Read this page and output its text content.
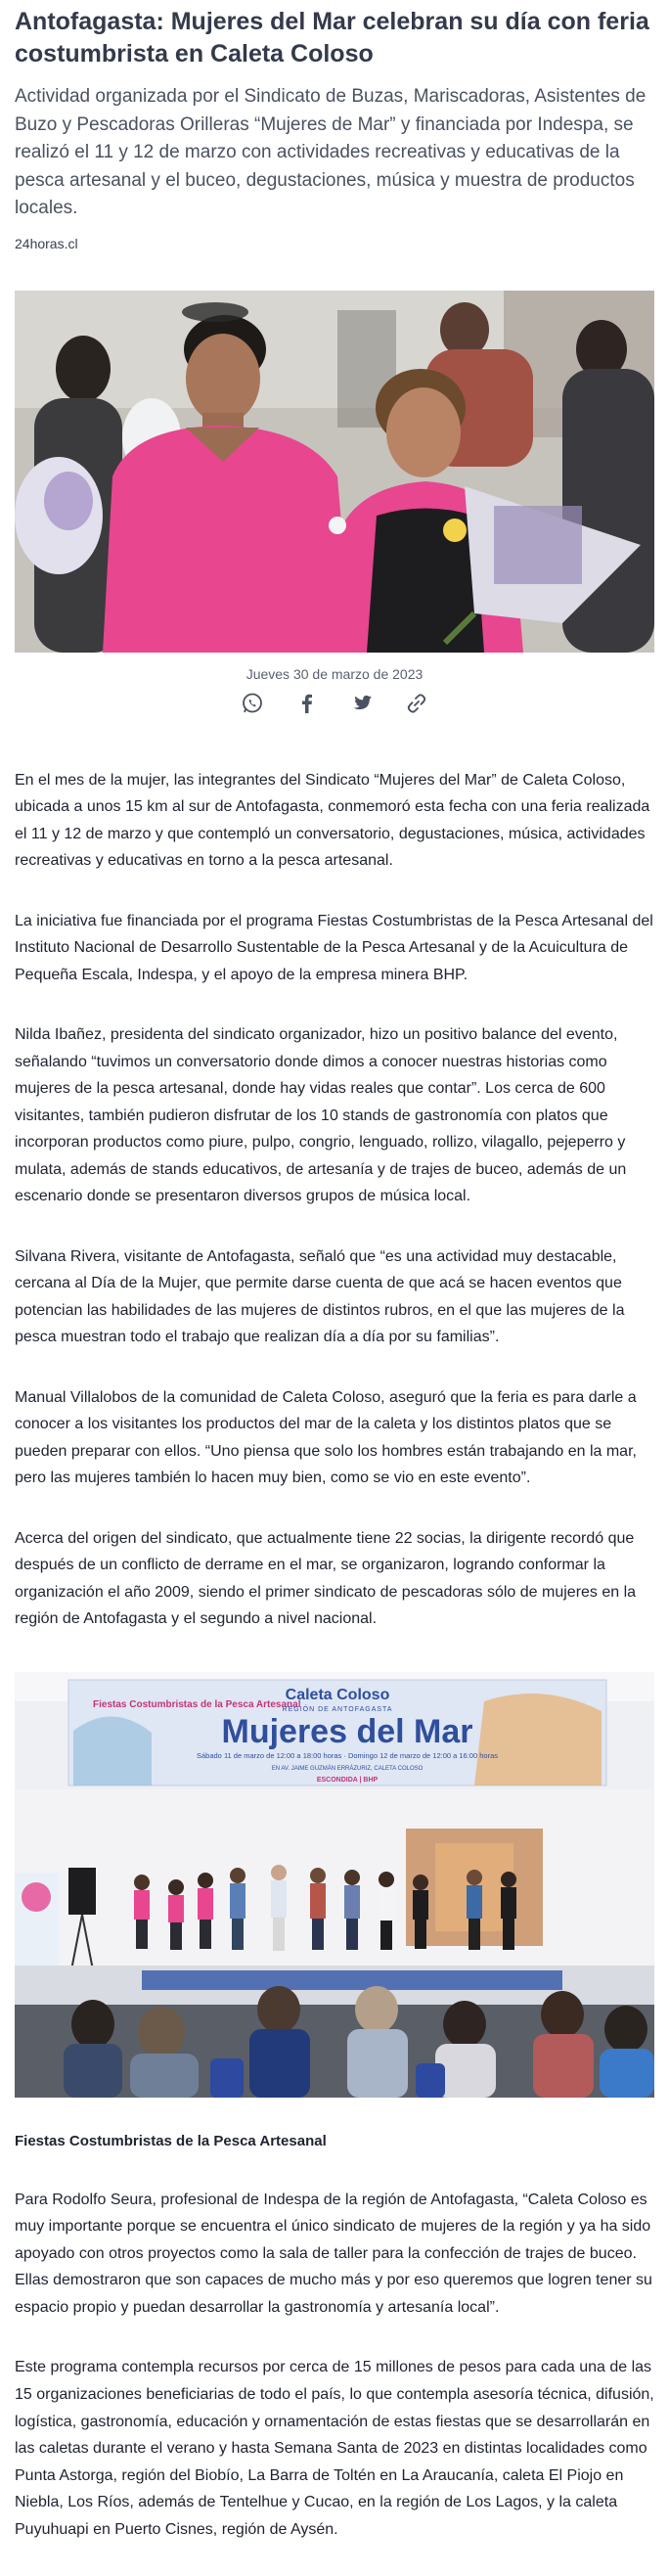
Antofagasta: Mujeres del Mar celebran su día con feria costumbrista en Caleta Coloso

Actividad organizada por el Sindicato de Buzas, Mariscadoras, Asistentes de Buzo y Pescadoras Orilleras “Mujeres de Mar” y financiada por Indespa, se realizó el 11 y 12 de marzo con actividades recreativas y educativas de la pesca artesanal y el buceo, degustaciones, música y muestra de productos locales.

24horas.cl
Jueves 30 de marzo de 2023

En el mes de la mujer, las integrantes del Sindicato “Mujeres del Mar” de Caleta Coloso, ubicada a unos 15 km al sur de Antofagasta, conmemoró esta fecha con una feria realizada el 11 y 12 de marzo y que contempló un conversatorio, degustaciones, música, actividades recreativas y educativas en torno a la pesca artesanal.

La iniciativa fue financiada por el programa Fiestas Costumbristas de la Pesca Artesanal del Instituto Nacional de Desarrollo Sustentable de la Pesca Artesanal y de la Acuicultura de Pequeña Escala, Indespa, y el apoyo de la empresa minera BHP.

Nilda Ibañez, presidenta del sindicato organizador, hizo un positivo balance del evento, señalando “tuvimos un conversatorio donde dimos a conocer nuestras historias como mujeres de la pesca artesanal, donde hay vidas reales que contar”. Los cerca de 600 visitantes, también pudieron disfrutar de los 10 stands de gastronomía con platos que incorporan productos como piure, pulpo, congrio, lenguado, rollizo, vilagallo, pejeperro y mulata, además de stands educativos, de artesanía y de trajes de buceo, además de un escenario donde se presentaron diversos grupos de música local.

Silvana Rivera, visitante de Antofagasta, señaló que “es una actividad muy destacable, cercana al Día de la Mujer, que permite darse cuenta de que acá se hacen eventos que potencian las habilidades de las mujeres de distintos rubros, en el que las mujeres de la pesca muestran todo el trabajo que realizan día a día por su familias”.

Manual Villalobos de la comunidad de Caleta Coloso, aseguró que la feria es para darle a conocer a los visitantes los productos del mar de la caleta y los distintos platos que se pueden preparar con ellos. “Uno piensa que solo los hombres están trabajando en la mar, pero las mujeres también lo hacen muy bien, como se vio en este evento”.

Acerca del origen del sindicato, que actualmente tiene 22 socias, la dirigente recordó que después de un conflicto de derrame en el mar, se organizaron, logrando conformar la organización el año 2009, siendo el primer sindicato de pescadoras sólo de mujeres en la región de Antofagasta y el segundo a nivel nacional.

Fiestas Costumbristas de la Pesca Artesanal
Caleta Coloso
REGIÓN DE ANTOFAGASTA
Mujeres del Mar
Sábado 11 de marzo de 12:00 a 18:00 horas · Domingo 12 de marzo de 12:00 a 16:00 horas
EN AV. JAIME GUZMÁN ERRÁZURIZ, CALETA COLOSO
ESCONDIDA | BHP
Fiestas Costumbristas de la Pesca Artesanal

Para Rodolfo Seura, profesional de Indespa de la región de Antofagasta, “Caleta Coloso es muy importante porque se encuentra el único sindicato de mujeres de la región y ya ha sido apoyado con otros proyectos como la sala de taller para la confección de trajes de buceo. Ellas demostraron que son capaces de mucho más y por eso queremos que logren tener su espacio propio y puedan desarrollar la gastronomía y artesanía local”.

Este programa contempla recursos por cerca de 15 millones de pesos para cada una de las 15 organizaciones beneficiarias de todo el país, lo que contempla asesoría técnica, difusión, logística, gastronomía, educación y ornamentación de estas fiestas que se desarrollarán en las caletas durante el verano y hasta Semana Santa de 2023 en distintas localidades como Punta Astorga, región del Biobío, La Barra de Toltén en La Araucanía, caleta El Piojo en Niebla, Los Ríos, además de Tentelhue y Cucao, en la región de Los Lagos, y la caleta Puyuhuapi en Puerto Cisnes, región de Aysén.
